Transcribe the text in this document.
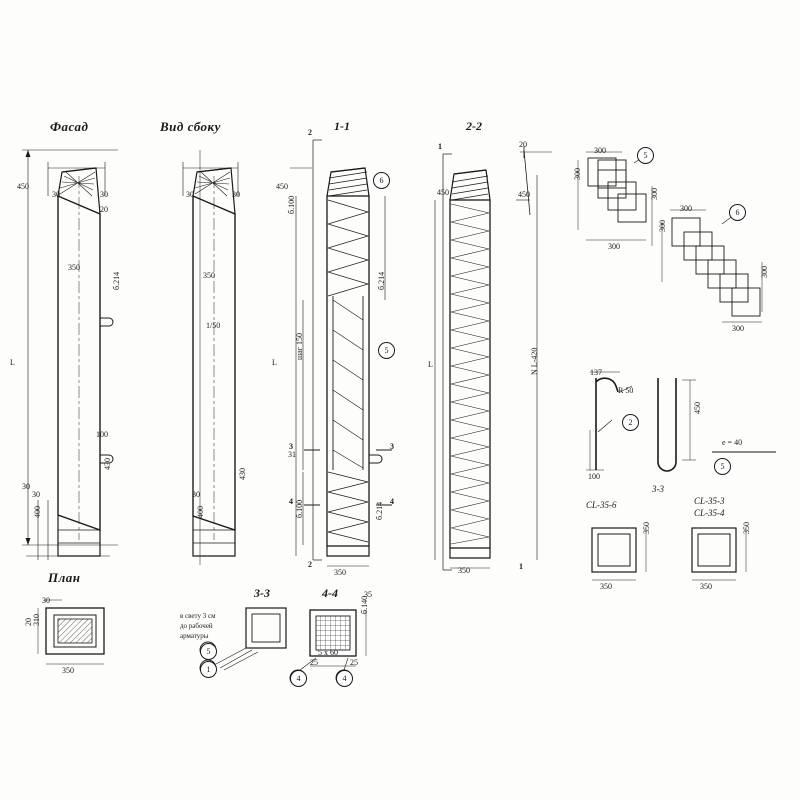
Фасад	Вид сбоку
План
1-1	2-2
3-3	4-4
450
30	30
20
350
б.214
L
100
430
30
30
400
30	30
350
1/50
30
400
430
450
б.100
б.214
шаг 150
L
31
б.100	б.214
350
2
2
3	3
4	4
450	450
20
L	N L-420
350
1
1
350
30
310
20
в свету 3 см
до рабочей
арматуры
25	25
5 x 60
б.140
35
300
300
300
300
300
300
300
300
137
R 50
100
450
е = 40
СL-35-6
3-3
СL-35-3
СL-35-4
350
350
350
350
6
5
5
6
2
5
5
1
4	4
